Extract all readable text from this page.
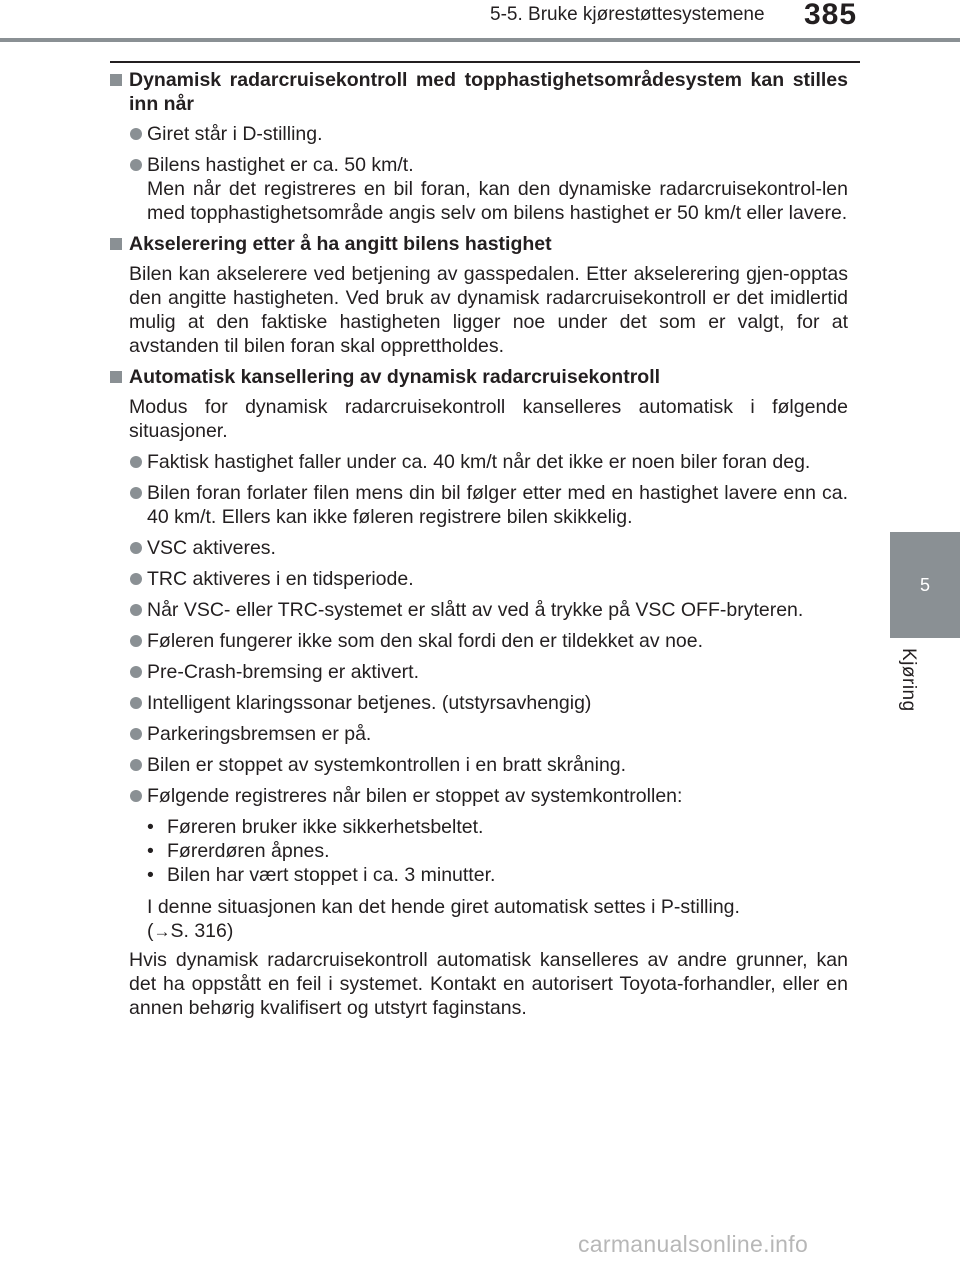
5-5. Bruke kjørestøttesystemene 385
5
Kjøring
Dynamisk radarcruisekontroll med topphastighetsområdesystem kan stilles inn når
Giret står i D-stilling.
Bilens hastighet er ca. 50 km/t.
Men når det registreres en bil foran, kan den dynamiske radarcruisekontrol-len med topphastighetsområde angis selv om bilens hastighet er 50 km/t eller lavere.
Akselerering etter å ha angitt bilens hastighet

Bilen kan akselerere ved betjening av gasspedalen. Etter akselerering gjen-opptas den angitte hastigheten. Ved bruk av dynamisk radarcruisekontroll er det imidlertid mulig at den faktiske hastigheten ligger noe under det som er valgt, for at avstanden til bilen foran skal opprettholdes.

Automatisk kansellering av dynamisk radarcruisekontroll

Modus for dynamisk radarcruisekontroll kanselleres automatisk i følgende situasjoner.

Faktisk hastighet faller under ca. 40 km/t når det ikke er noen biler foran deg.
Bilen foran forlater filen mens din bil følger etter med en hastighet lavere enn ca. 40 km/t. Ellers kan ikke føleren registrere bilen skikkelig.
VSC aktiveres.
TRC aktiveres i en tidsperiode.
Når VSC- eller TRC-systemet er slått av ved å trykke på VSC OFF-bryteren.
Føleren fungerer ikke som den skal fordi den er tildekket av noe.
Pre-Crash-bremsing er aktivert.
Intelligent klaringssonar betjenes. (utstyrsavhengig)
Parkeringsbremsen er på.
Bilen er stoppet av systemkontrollen i en bratt skråning.
Følgende registreres når bilen er stoppet av systemkontrollen:
• Føreren bruker ikke sikkerhetsbeltet.
• Førerdøren åpnes.
• Bilen har vært stoppet i ca. 3 minutter.
I denne situasjonen kan det hende giret automatisk settes i P-stilling.
(→S. 316)

Hvis dynamisk radarcruisekontroll automatisk kanselleres av andre grunner, kan det ha oppstått en feil i systemet. Kontakt en autorisert Toyota-forhandler, eller en annen behørig kvalifisert og utstyrt faginstans.

carmanualsonline.info
